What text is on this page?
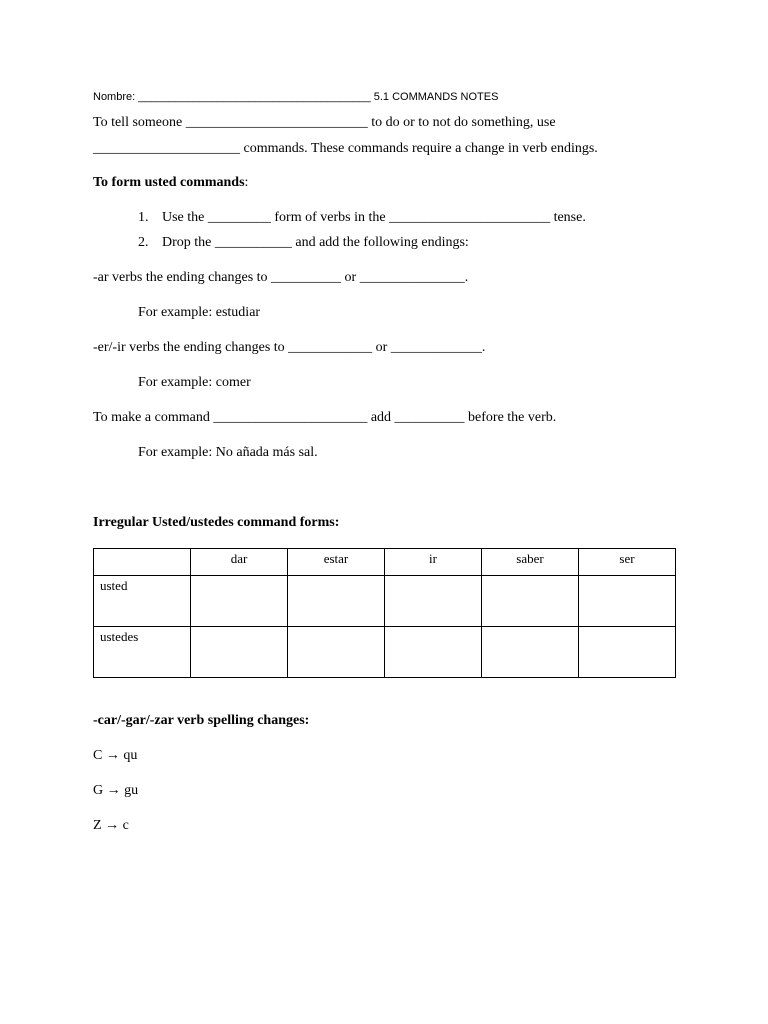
Nombre: ______________________________________ 5.1 COMMANDS NOTES
To tell someone __________________________ to do or to not do something, use
_____________________ commands. These commands require a change in verb endings.
To form usted commands:
1. Use the _________ form of verbs in the _______________________ tense.
2. Drop the ___________ and add the following endings:
-ar verbs the ending changes to __________ or _______________.
For example: estudiar
-er/-ir verbs the ending changes to ____________ or _____________.
For example: comer
To make a command ______________________ add __________ before the verb.
For example: No añada más sal.
Irregular Usted/ustedes command forms:
	dar	estar	ir	saber	ser
usted					
ustedes					
-car/-gar/-zar verb spelling changes:
C → qu
G → gu
Z → c
